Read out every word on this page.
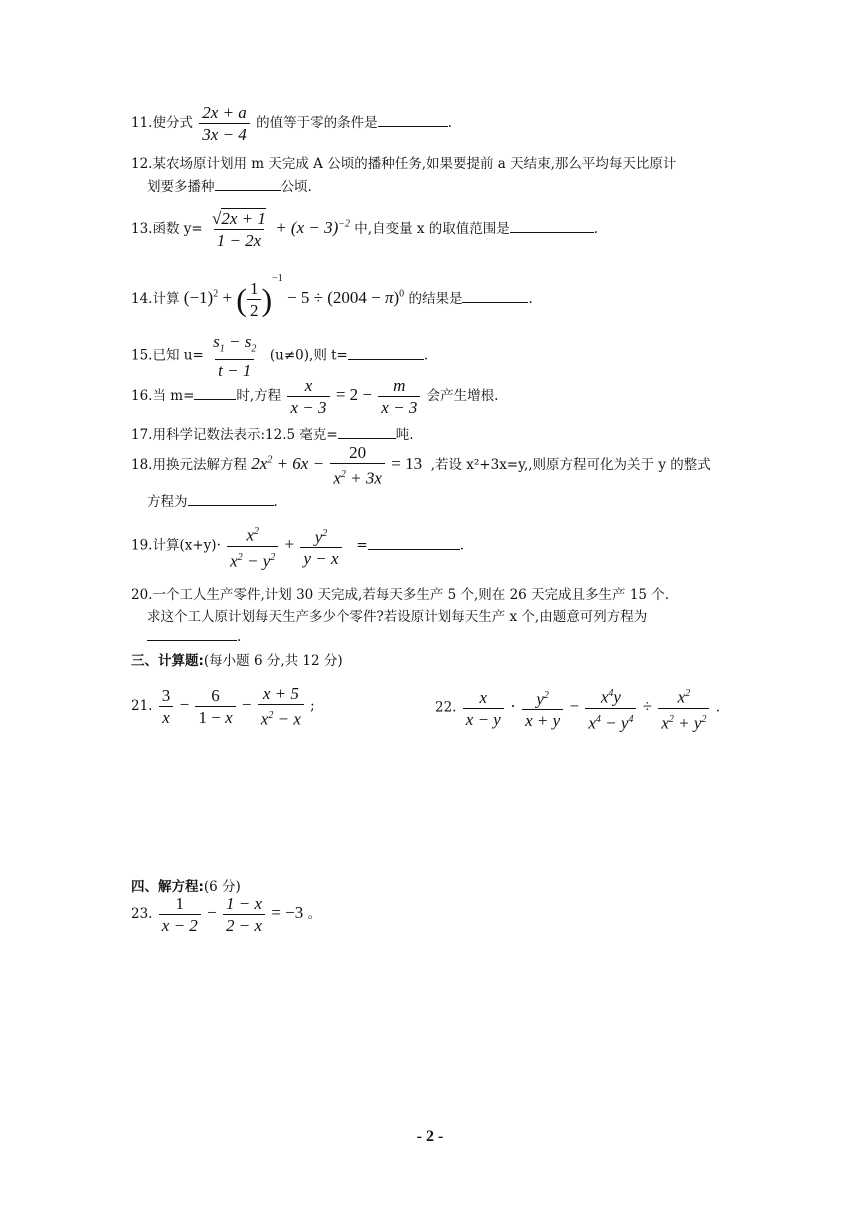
11.使分式 $\frac{2x + a}{3x - 4}$ 的值等于零的条件是	.
12.某农场原计划用 m 天完成 A 公顷的播种任务,如果要提前 a 天结束,那么平均每天比原计
划要多播种	公顷.
13.函数 $y= \frac{√2x + 1}{1 - 2x} + (x - 3)^{-2}$ 中,自变量 x 的取值范围是	.
14.计算 $(-1)^2$ + ( $\frac{1}{2} )^{-1} - 5 \div (2004 - \pi)^0$ 的结果是	.
15.已知 $u= \frac{s_1 - s_2}{t - 1} (u\ne 0)$,则 t=	.
16.当 m=	时,方程 $\frac{x}{x - 3} = 2 - \frac{m}{x - 3}$ 会产生增根.
17.用科学记数法表示:12.5 毫克=	吨.
18.用换元法解方程 $2x^2 + 6x - \frac{20}{x^2 + 3x} = 13$ ,若设 x²+3x=y,,则原方程可化为关于 y 的整式
方程为	.
19.计算$(x+y)\cdot \frac{x^2}{x^2 - y^2} + \frac{y^2}{y - x}$ =	.
20.一个工人生产零件,计划 30 天完成,若每天多生产 5 个,则在 26 天完成且多生产 15 个.
求这个工人原计划每天生产多少个零件?若设原计划每天生产 x 个,由题意可列方程为
.
三、计算题:(每小题 6 分,共 12 分)
21. $\frac{3}{x} - \frac{6}{1 - x} - \frac{x + 5}{x^2 - x}$ ;	22. $\frac{x}{x - y} \cdot \frac{y^2}{x + y} - \frac{x^4y}{x^4 - y^4} \div \frac{x^2}{x^2 + y^2}$ .
四、解方程:(6 分)
23. $\frac{1}{x - 2} - \frac{1 - x}{2 - x} = -3$ 。
- 2 -
